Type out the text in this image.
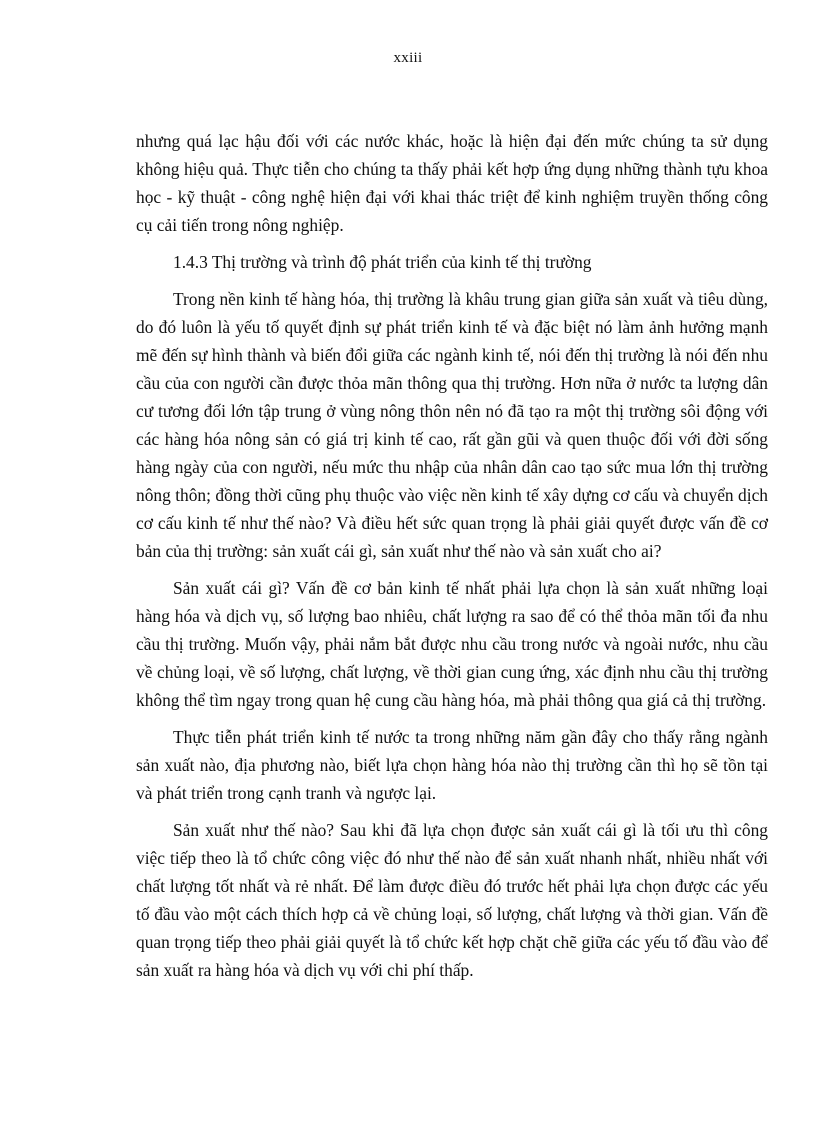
xxiii

nhưng quá lạc hậu đối với các nước khác, hoặc là hiện đại đến mức chúng ta sử dụng không hiệu quả. Thực tiễn cho chúng ta thấy phải kết hợp ứng dụng những thành tựu khoa học - kỹ thuật - công nghệ hiện đại với khai thác triệt để kinh nghiệm truyền thống công cụ cải tiến trong nông nghiệp.

1.4.3 Thị trường và trình độ phát triển của kinh tế thị trường

Trong nền kinh tế hàng hóa, thị trường là khâu trung gian giữa sản xuất và tiêu dùng, do đó luôn là yếu tố quyết định sự phát triển kinh tế và đặc biệt nó làm ảnh hưởng mạnh mẽ đến sự hình thành và biến đổi giữa các ngành kinh tế, nói đến thị trường là nói đến nhu cầu của con người cần được thỏa mãn thông qua thị trường. Hơn nữa ở nước ta lượng dân cư tương đối lớn tập trung ở vùng nông thôn nên nó đã tạo ra một thị trường sôi động với các hàng hóa nông sản có giá trị kinh tế cao, rất gần gũi và quen thuộc đối với đời sống hàng ngày của con người, nếu mức thu nhập của nhân dân cao tạo sức mua lớn thị trường nông thôn; đồng thời cũng phụ thuộc vào việc nền kinh tế xây dựng cơ cấu và chuyển dịch cơ cấu kinh tế như thế nào? Và điều hết sức quan trọng là phải giải quyết được vấn đề cơ bản của thị trường: sản xuất cái gì, sản xuất như thế nào và sản xuất cho ai?

Sản xuất cái gì? Vấn đề cơ bản kinh tế nhất phải lựa chọn là sản xuất những loại hàng hóa và dịch vụ, số lượng bao nhiêu, chất lượng ra sao để có thể thỏa mãn tối đa nhu cầu thị trường. Muốn vậy, phải nắm bắt được nhu cầu trong nước và ngoài nước, nhu cầu về chủng loại, về số lượng, chất lượng, về thời gian cung ứng, xác định nhu cầu thị trường không thể tìm ngay trong quan hệ cung cầu hàng hóa, mà phải thông qua giá cả thị trường.

Thực tiễn phát triển kinh tế nước ta trong những năm gần đây cho thấy rằng ngành sản xuất nào, địa phương nào, biết lựa chọn hàng hóa nào thị trường cần thì họ sẽ tồn tại và phát triển trong cạnh tranh và ngược lại.

Sản xuất như thế nào? Sau khi đã lựa chọn được sản xuất cái gì là tối ưu thì công việc tiếp theo là tổ chức công việc đó như thế nào để sản xuất nhanh nhất, nhiều nhất với chất lượng tốt nhất và rẻ nhất. Để làm được điều đó trước hết phải lựa chọn được các yếu tố đầu vào một cách thích hợp cả về chủng loại, số lượng, chất lượng và thời gian. Vấn đề quan trọng tiếp theo phải giải quyết là tổ chức kết hợp chặt chẽ giữa các yếu tố đầu vào để sản xuất ra hàng hóa và dịch vụ với chi phí thấp.
